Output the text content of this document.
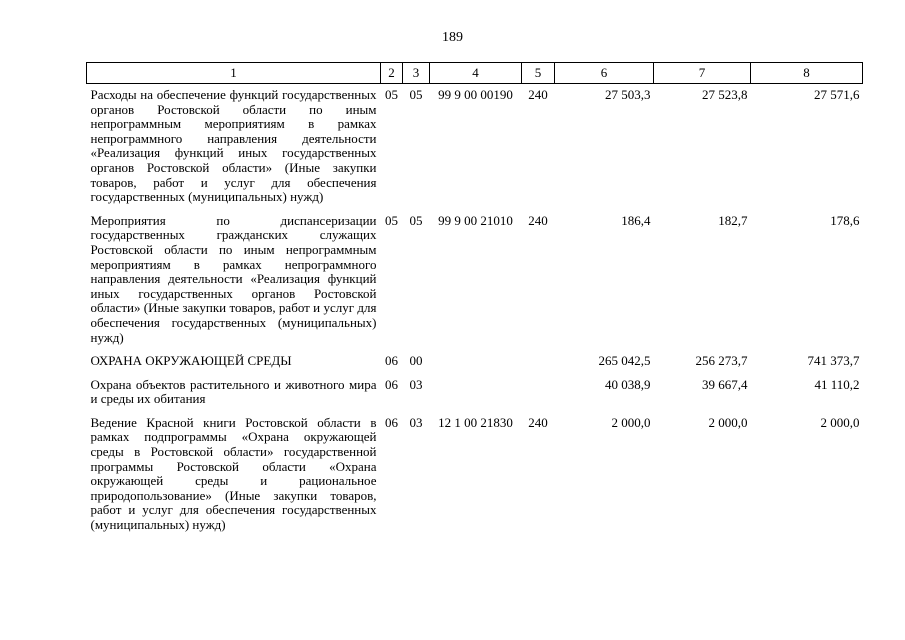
189
1	2	3	4	5	6	7	8
Расходы на обеспечение функций государственных органов Ростовской области по иным непрограммным мероприятиям в рамках непрограммного направления деятельности «Реализация функций иных государственных органов Ростовской области» (Иные закупки товаров, работ и услуг для обеспечения государственных (муниципальных) нужд)	05	05	99 9 00 00190	240	27 503,3	27 523,8	27 571,6
Мероприятия по диспансеризации государственных гражданских служащих Ростовской области по иным непрограммным мероприятиям в рамках непрограммного направления деятельности «Реализация функций иных государственных органов Ростовской области» (Иные закупки товаров, работ и услуг для обеспечения государственных (муниципальных) нужд)	05	05	99 9 00 21010	240	186,4	182,7	178,6
ОХРАНА ОКРУЖАЮЩЕЙ СРЕДЫ	06	00			265 042,5	256 273,7	741 373,7
Охрана объектов растительного и животного мира и среды их обитания	06	03			40 038,9	39 667,4	41 110,2
Ведение Красной книги Ростовской области в рамках подпрограммы «Охрана окружающей среды в Ростовской области» государственной программы Ростовской области «Охрана окружающей среды и рациональное природопользование» (Иные закупки товаров, работ и услуг для обеспечения государственных (муниципальных) нужд)	06	03	12 1 00 21830	240	2 000,0	2 000,0	2 000,0
